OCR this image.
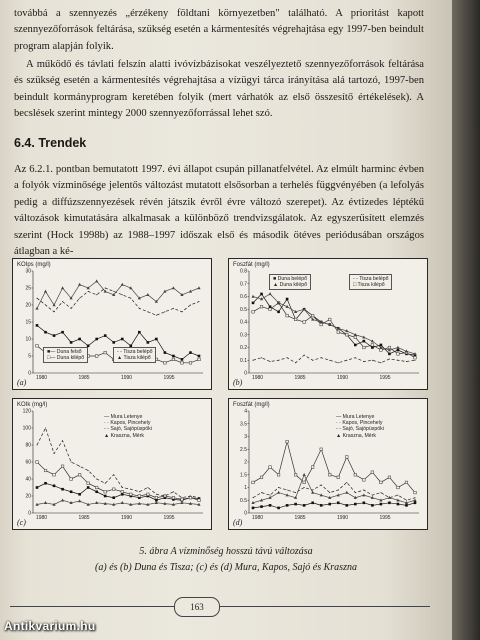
továbbá a szennyezés „érzékeny földtani környezetben" található. A prioritást kapott szennyezőforrások feltárása, szükség esetén a kármentesítés végrehajtása egy 1997-ben beindult program alapján folyik.

A működő és távlati felszín alatti ivóvízbázisokat veszélyeztető szennyezőforrások feltárása és szükség esetén a kármentesítés végrehajtása a vízügyi tárca irányítása alá tartozó, 1997-ben beindult kormányprogram keretében folyik (mert várhatók az első összesítő értékelések). A becslések szerint mintegy 2000 szennyezőforrással lehet szó.

6.4. Trendek

Az 6.2.1. pontban bemutatott 1997. évi állapot csupán pillanatfelvétel. Az elmúlt harminc évben a folyók vízminősége jelentős változást mutatott elsősorban a terhelés függvényében (a lefolyás pedig a diffúzszennyezések révén játszik évről évre változó szerepet). Az évtizedes léptékű változások kimutatására alkalmasak a különböző trendvizsgálatok. Az egyszerűsített elemzés szerint (Hock 1998b) az 1988–1997 időszak első és második ötéves periódusában országos átlagban a ké-

0
5
10
15
20
25
30
1980	1985	1990	1995
KOIps (mg/l)
(a)
■— Duna felső
□— Duna kilépő
- - Tisza belépő
▲ Tisza kilépő
0
0.1
0.2
0.3
0.4
0.5
0.6
0.7
0.8
1980	1985	1990	1995
Foszfát (mg/l)
(b)
■ Duna belépő
▲ Duna kilépő
- - Tisza belépő
□ Tisza kilépő
0
20
40
60
80
100
120
1980	1985	1990	1995
KOIk (mg/l)
(c)
— Mura Letenye
· · Kapos, Pincehely
- - Sajó, Sajópüspöki
▲ Kraszna, Mérk
0
0.5
1
1.5
2
2.5
3
3.5
4
1980	1985	1990	1995
Foszfát (mg/l)
(d)
— Mura Letenye
· · Kapos, Pincehely
- - Sajó, Sajópüspöki
▲ Kraszna, Mérk
5. ábra A vízminőség hosszú távú változása
(a) és (b) Duna és Tisza; (c) és (d) Mura, Kapos, Sajó és Kraszna
163
Antikvarium.hu
